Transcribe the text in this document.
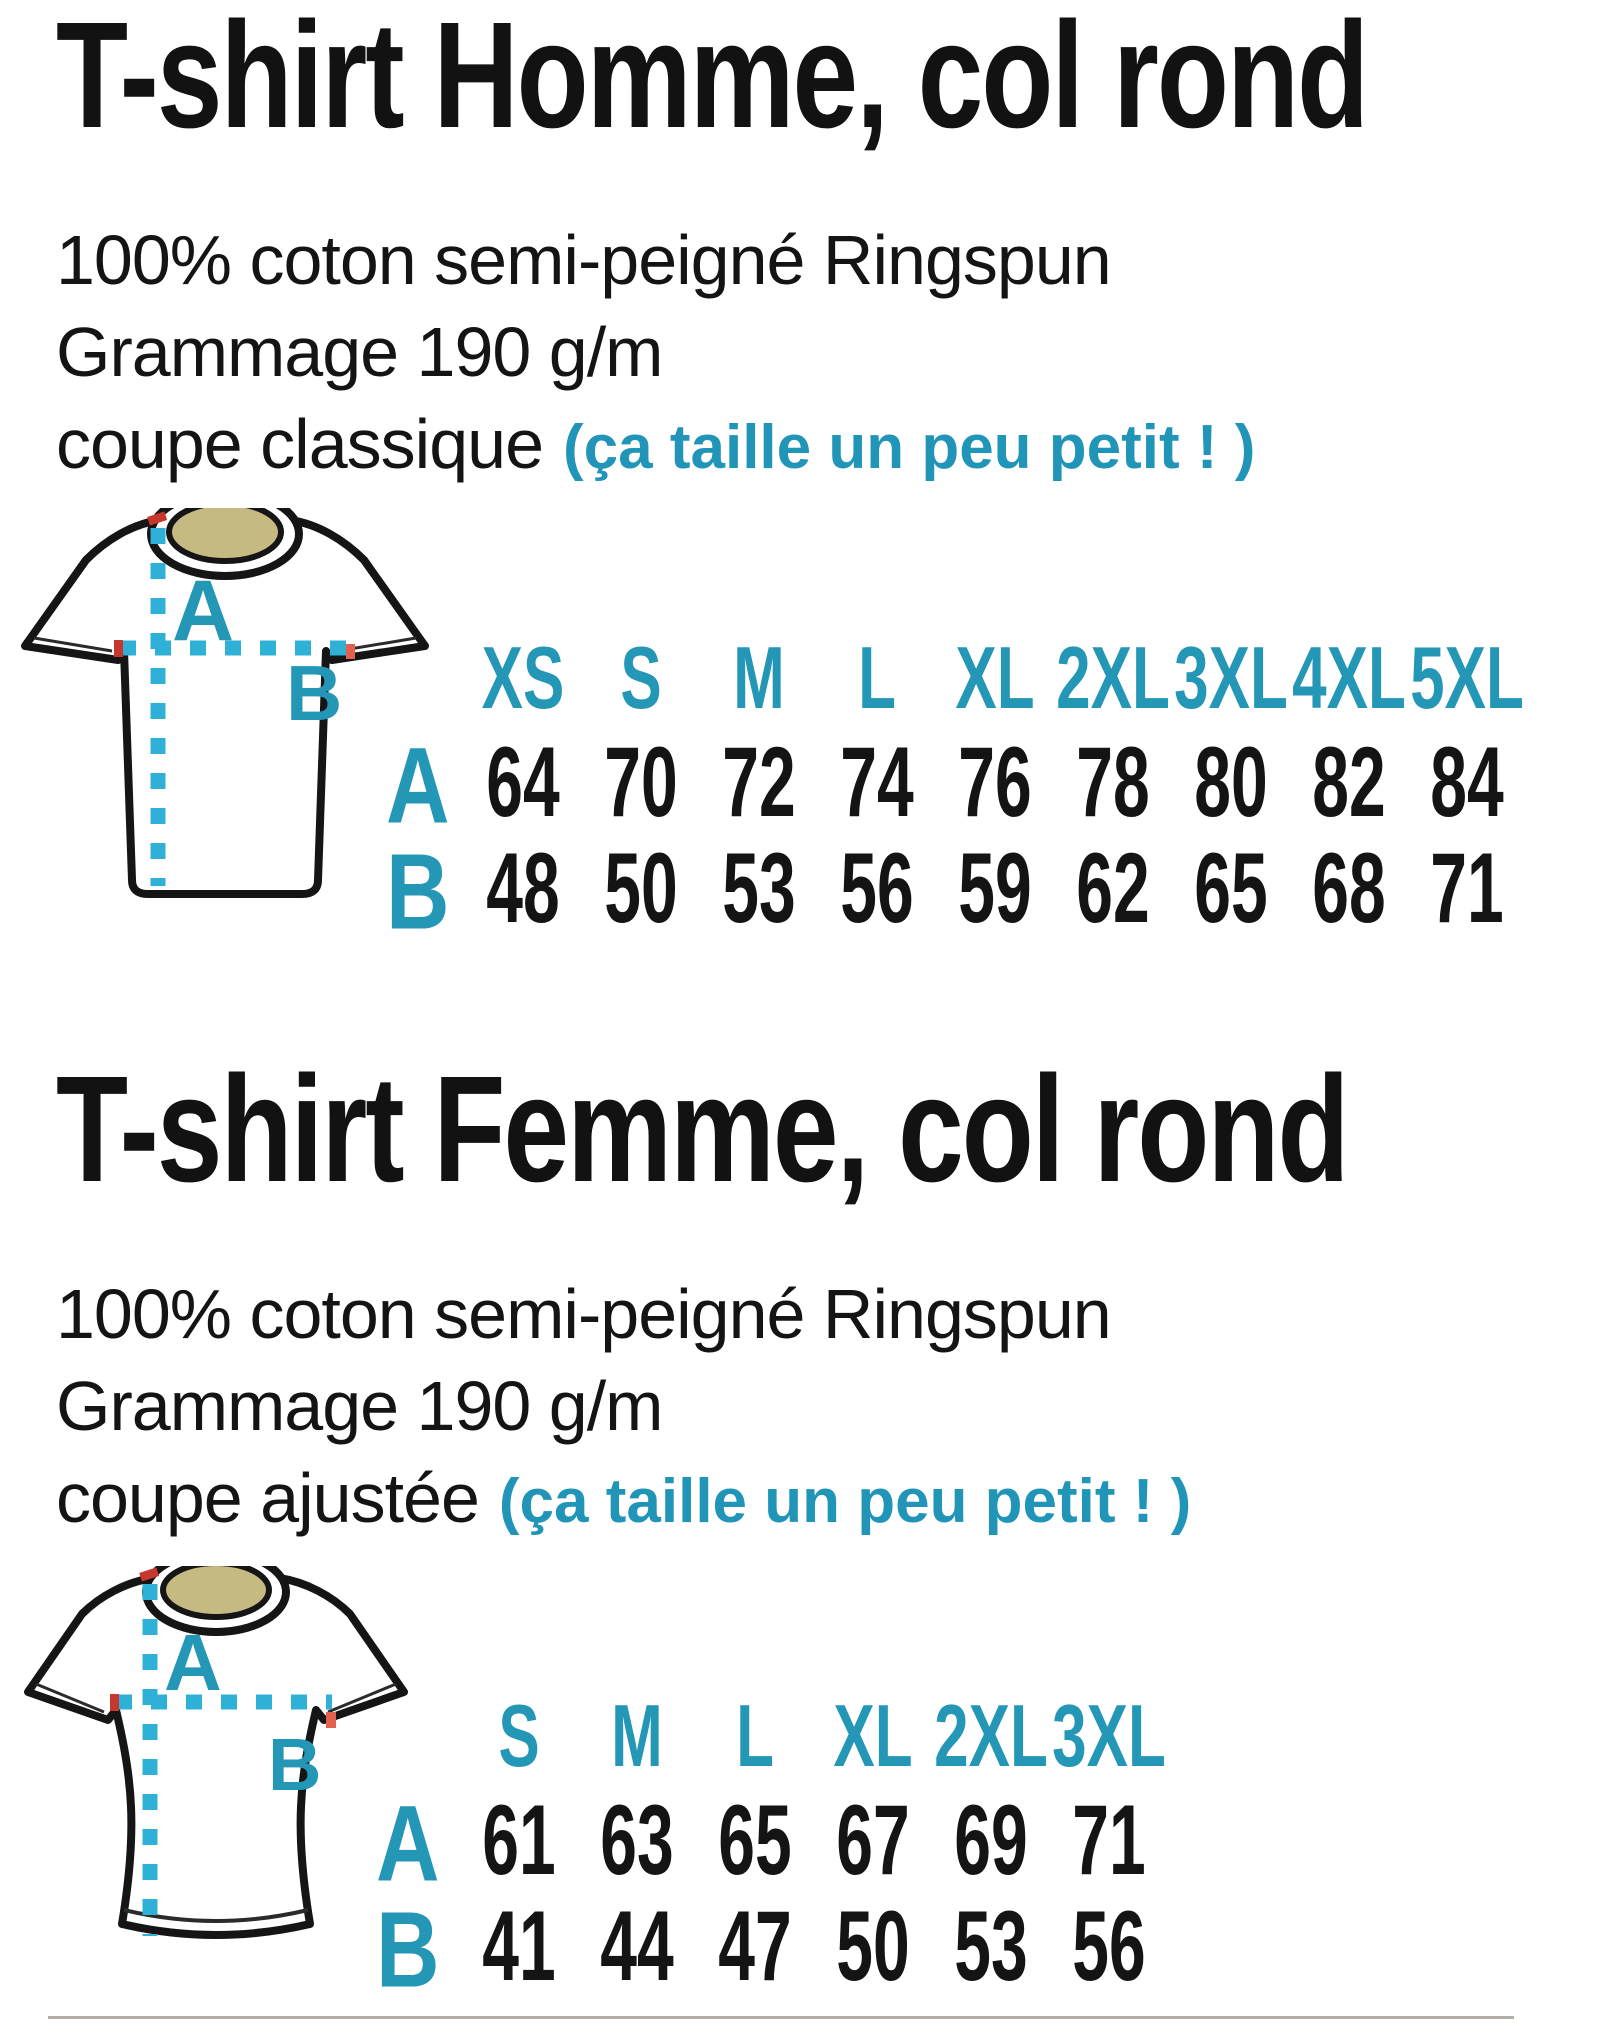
T-shirt Homme, col rond

100% coton semi-peigné Ringspun

Grammage 190 g/m

coupe classique (ça taille un peu petit ! )

A
B XS S	M	L XL 2XL 3XL 4XL 5XL
A 64 70 72 74 76 78 80 82 84
B 48 50 53 56 59 62 65 68 71
T-shirt Femme, col rond

100% coton semi-peigné Ringspun

Grammage 190 g/m

coupe ajustée (ça taille un peu petit ! )

A
B	S	M	L XL 2XL 3XL
A 61 63 65 67 69 71
B 41 44 47 50 53 56
